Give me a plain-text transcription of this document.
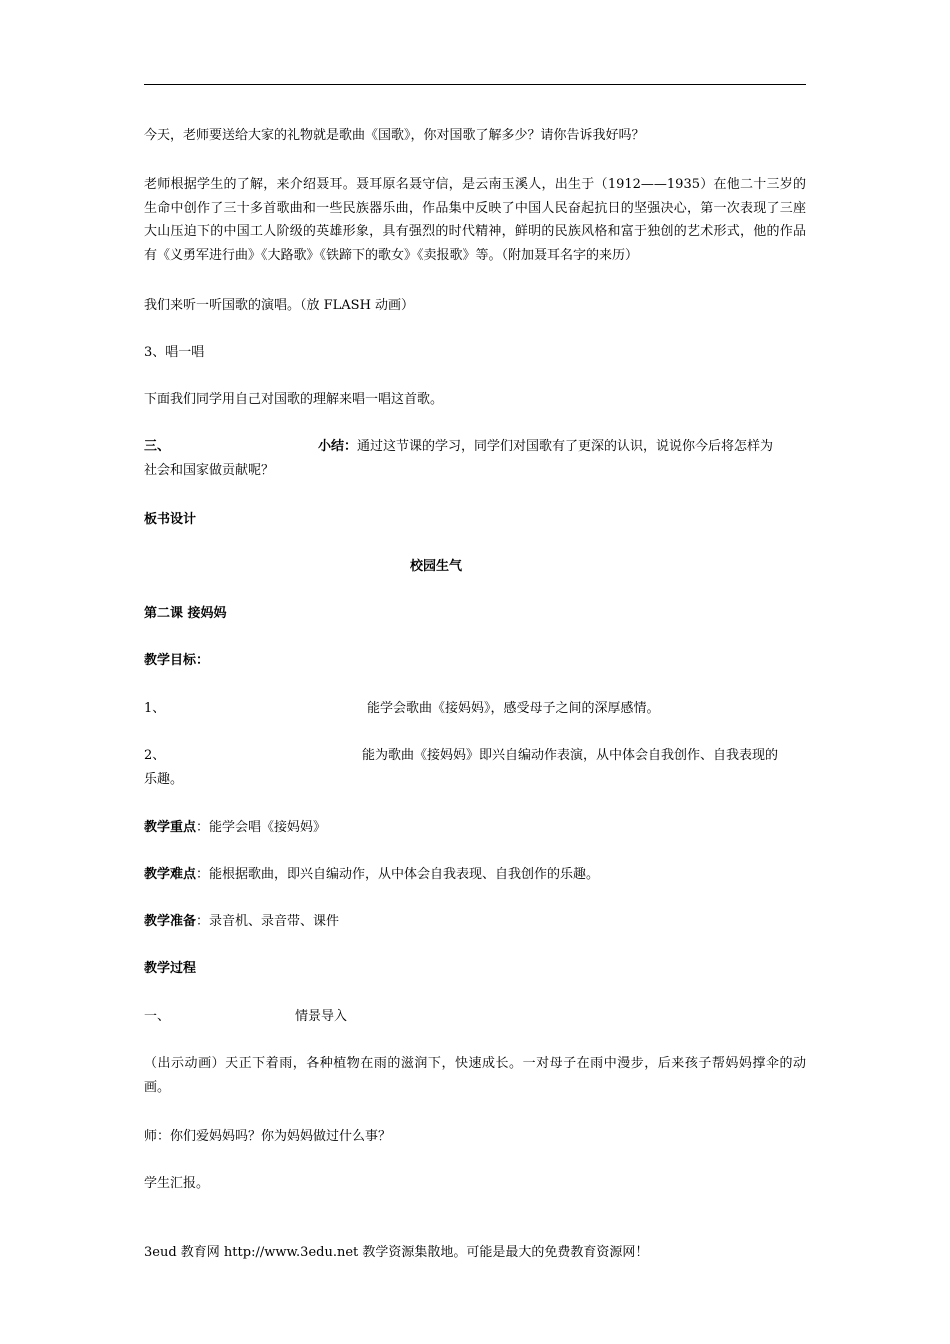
今天，老师要送给大家的礼物就是歌曲《国歌》，你对国歌了解多少？请你告诉我好吗？
老师根据学生的了解，来介绍聂耳。聂耳原名聂守信，是云南玉溪人，出生于（1912——1935）在他二十三岁的生命中创作了三十多首歌曲和一些民族器乐曲，作品集中反映了中国人民奋起抗日的坚强决心，第一次表现了三座大山压迫下的中国工人阶级的英雄形象，具有强烈的时代精神，鲜明的民族风格和富于独创的艺术形式，他的作品有《义勇军进行曲》《大路歌》《铁蹄下的歌女》《卖报歌》等。（附加聂耳名字的来历）
我们来听一听国歌的演唱。（放 FLASH 动画）
3、唱一唱
下面我们同学用自己对国歌的理解来唱一唱这首歌。
三、	小结：通过这节课的学习，同学们对国歌有了更深的认识，说说你今后将怎样为
社会和国家做贡献呢？
板书设计
校园生气
第二课 接妈妈
教学目标：
1、	能学会歌曲《接妈妈》，感受母子之间的深厚感情。
2、	能为歌曲《接妈妈》即兴自编动作表演，从中体会自我创作、自我表现的
乐趣。
教学重点：能学会唱《接妈妈》
教学难点：能根据歌曲，即兴自编动作，从中体会自我表现、自我创作的乐趣。
教学准备：录音机、录音带、课件
教学过程
一、	情景导入
（出示动画）天正下着雨，各种植物在雨的滋润下，快速成长。一对母子在雨中漫步，后来孩子帮妈妈撑伞的动画。
师：你们爱妈妈吗？你为妈妈做过什么事？
学生汇报。
3eud 教育网 http://www.3edu.net 教学资源集散地。可能是最大的免费教育资源网！
